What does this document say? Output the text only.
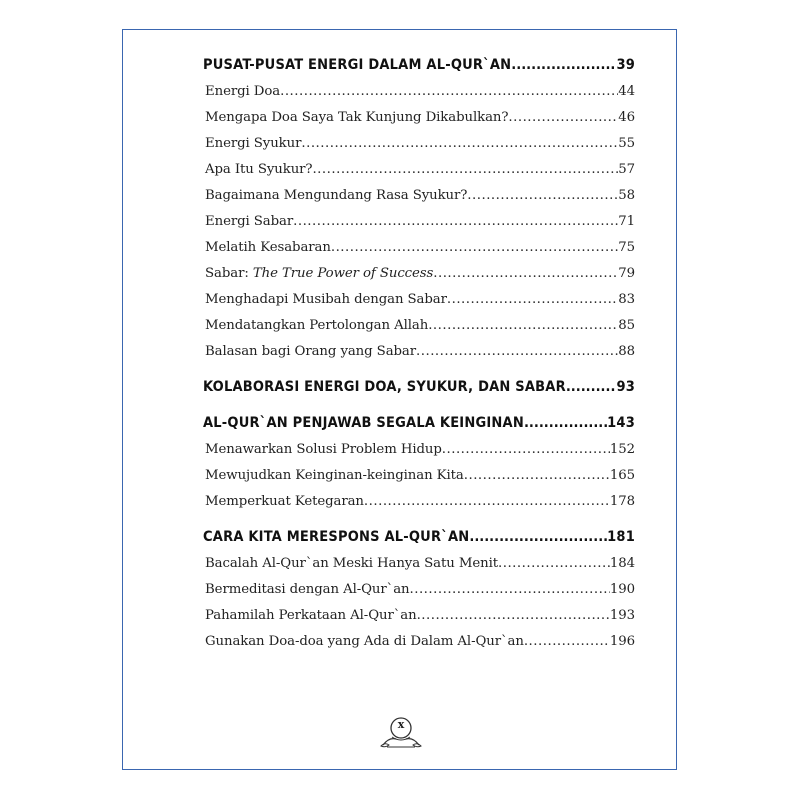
PUSAT-PUSAT ENERGI DALAM AL-QUR`AN .....	39
Energi Doa .....	44
Mengapa Doa Saya Tak Kunjung Dikabulkan? .....	46
Energi Syukur .....	55
Apa Itu Syukur? .....	57
Bagaimana Mengundang Rasa Syukur? .....	58
Energi Sabar .....	71
Melatih Kesabaran .....	75
Sabar: The True Power of Success .....	79
Menghadapi Musibah dengan Sabar .....	83
Mendatangkan Pertolongan Allah .....	85
Balasan bagi Orang yang Sabar .....	88
KOLABORASI ENERGI DOA, SYUKUR, DAN SABAR .....	93
AL-QUR`AN PENJAWAB SEGALA KEINGINAN .....	143
Menawarkan Solusi Problem Hidup .....	152
Mewujudkan Keinginan-keinginan Kita .....	165
Memperkuat Ketegaran .....	178
CARA KITA MERESPONS AL-QUR`AN .....	181
Bacalah Al-Qur`an Meski Hanya Satu Menit .....	184
Bermeditasi dengan Al-Qur`an .....	190
Pahamilah Perkataan Al-Qur`an .....	193
Gunakan Doa-doa yang Ada di Dalam Al-Qur`an .....	196
x
